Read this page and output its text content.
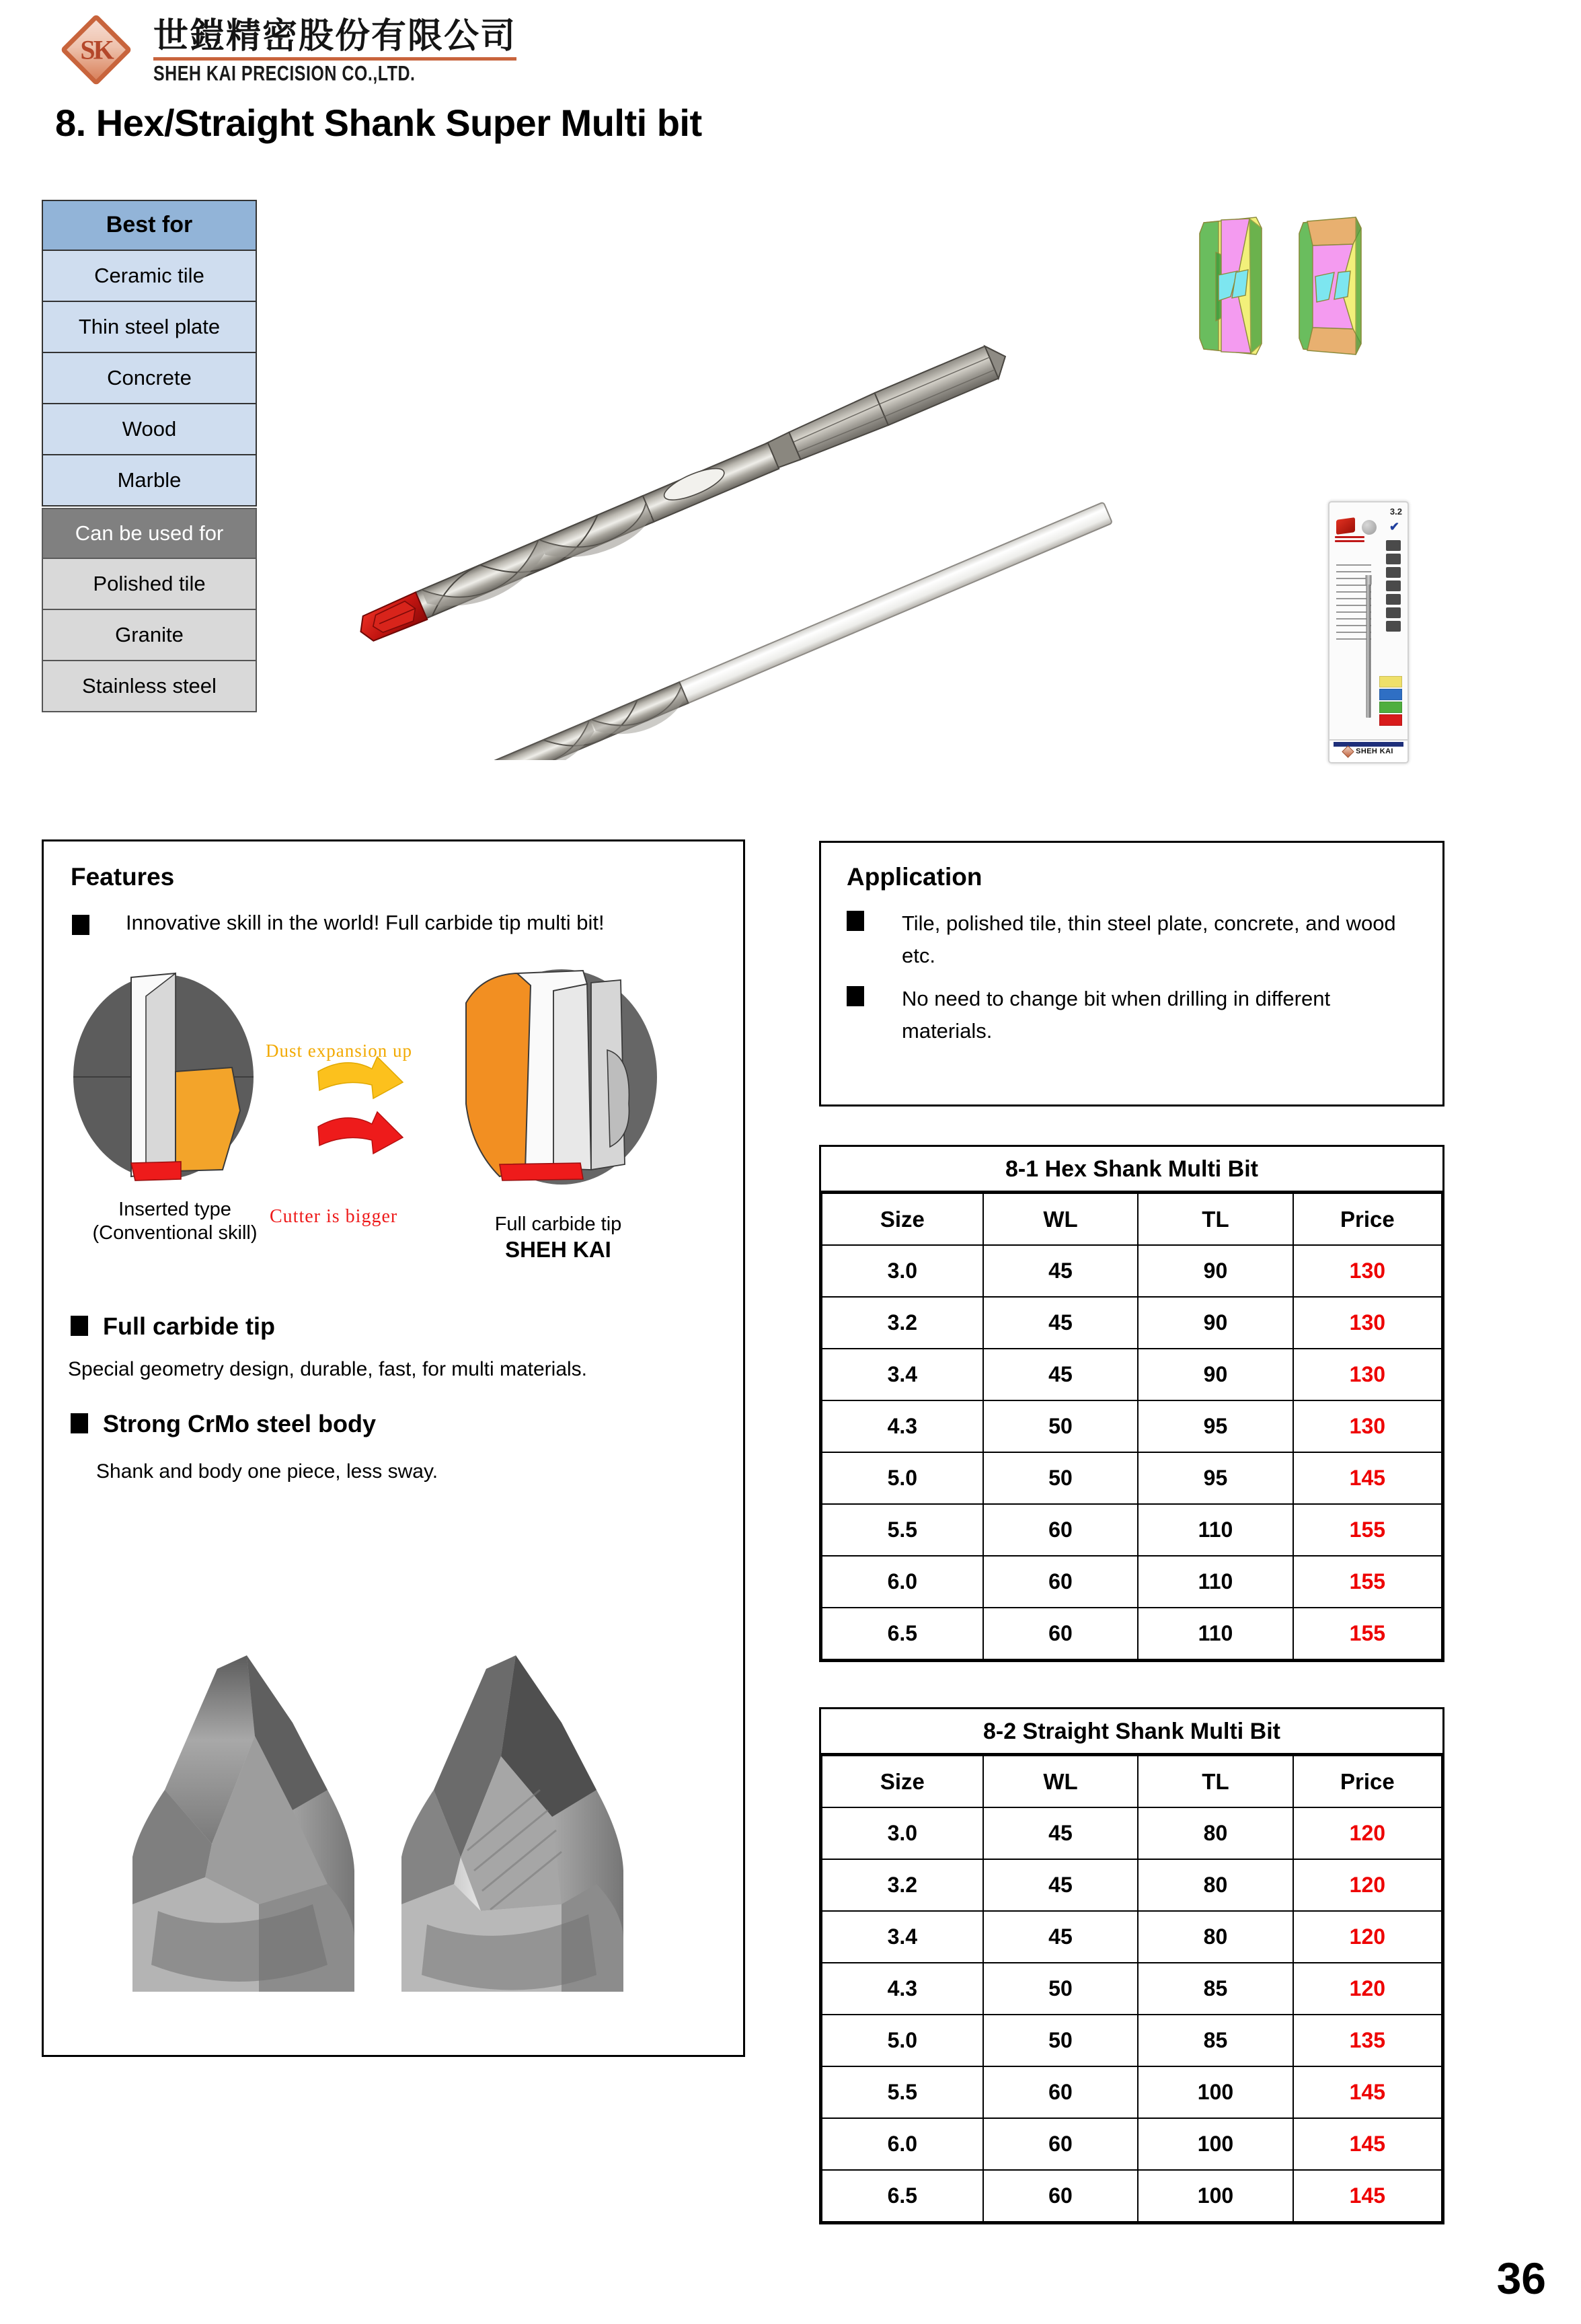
SK 世鎧精密股份有限公司
SHEH KAI PRECISION CO.,LTD.
8. Hex/Straight Shank Super Multi bit
Best for
Ceramic tile
Thin steel plate
Concrete
Wood
Marble
Can be used for
Polished tile
Granite
Stainless steel
3.2
✔
SHEH KAI
Features
Innovative skill in the world! Full carbide tip multi bit!
Dust expansion up
Cutter is bigger
Inserted type
(Conventional skill)	Full carbide tip
SHEH KAI
Full carbide tip
Special geometry design, durable, fast, for multi materials.
Strong CrMo steel body
Shank and body one piece, less sway.
Application
Tile, polished tile, thin steel plate, concrete, and wood etc.
No need to change bit when drilling in different materials.
8-1 Hex Shank Multi Bit
Size	WL	TL	Price
3.0	45	90	130
3.2	45	90	130
3.4	45	90	130
4.3	50	95	130
5.0	50	95	145
5.5	60	110	155
6.0	60	110	155
6.5	60	110	155
8-2 Straight Shank Multi Bit
Size	WL	TL	Price
3.0	45	80	120
3.2	45	80	120
3.4	45	80	120
4.3	50	85	120
5.0	50	85	135
5.5	60	100	145
6.0	60	100	145
6.5	60	100	145
36
